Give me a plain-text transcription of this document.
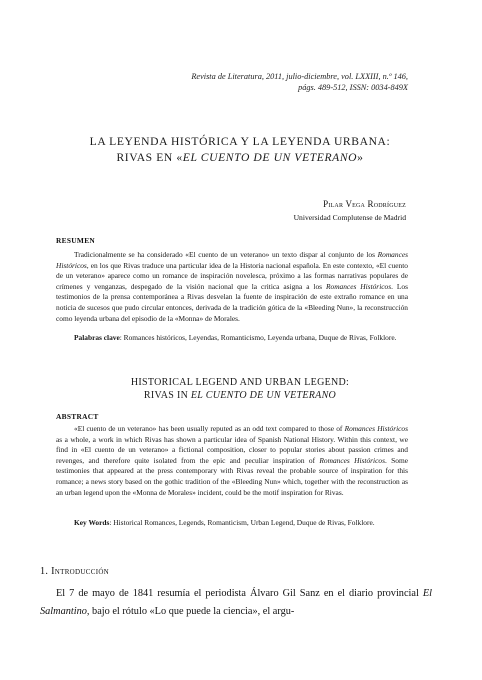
Revista de Literatura, 2011, julio-diciembre, vol. LXXIII, n.º 146,
págs. 489-512, ISSN: 0034-849X
LA LEYENDA HISTÓRICA Y LA LEYENDA URBANA:
RIVAS EN «EL CUENTO DE UN VETERANO»
Pilar Vega Rodríguez
Universidad Complutense de Madrid
RESUMEN
Tradicionalmente se ha considerado «El cuento de un veterano» un texto dispar al conjunto de los Romances Históricos, en los que Rivas traduce una particular idea de la Historia nacional española. En este contexto, «El cuento de un veterano» aparece como un romance de inspiración novelesca, próximo a las formas narrativas populares de crímenes y venganzas, despegado de la visión nacional que la critica asigna a los Romances Históricos. Los testimonios de la prensa contemporánea a Rivas desvelan la fuente de inspiración de este extraño romance en una noticia de sucesos que pudo circular entonces, derivada de la tradición gótica de la «Bleeding Nun», la reconstrucción como leyenda urbana del episodio de la «Monna» de Morales.
Palabras clave: Romances históricos, Leyendas, Romanticismo, Leyenda urbana, Duque de Rivas, Folklore.
HISTORICAL LEGEND AND URBAN LEGEND:
RIVAS IN EL CUENTO DE UN VETERANO
ABSTRACT
«El cuento de un veterano» has been usually reputed as an odd text compared to those of Romances Históricos as a whole, a work in which Rivas has shown a particular idea of Spanish National History. Within this context, we find in «El cuento de un veterano» a fictional composition, closer to popular stories about passion crimes and revenges, and therefore quite isolated from the epic and peculiar inspiration of Romances Históricos. Some testimonies that appeared at the press contemporary with Rivas reveal the probable source of inspiration for this romance; a news story based on the gothic tradition of the «Bleeding Nun» which, together with the reconstruction as an urban legend upon the «Monna de Morales» incident, could be the motif inspiration for Rivas.
Key Words: Historical Romances, Legends, Romanticism, Urban Legend, Duque de Rivas, Folklore.
1. Introducción
El 7 de mayo de 1841 resumía el periodista Álvaro Gil Sanz en el diario provincial El Salmantino, bajo el rótulo «Lo que puede la ciencia», el argu-
